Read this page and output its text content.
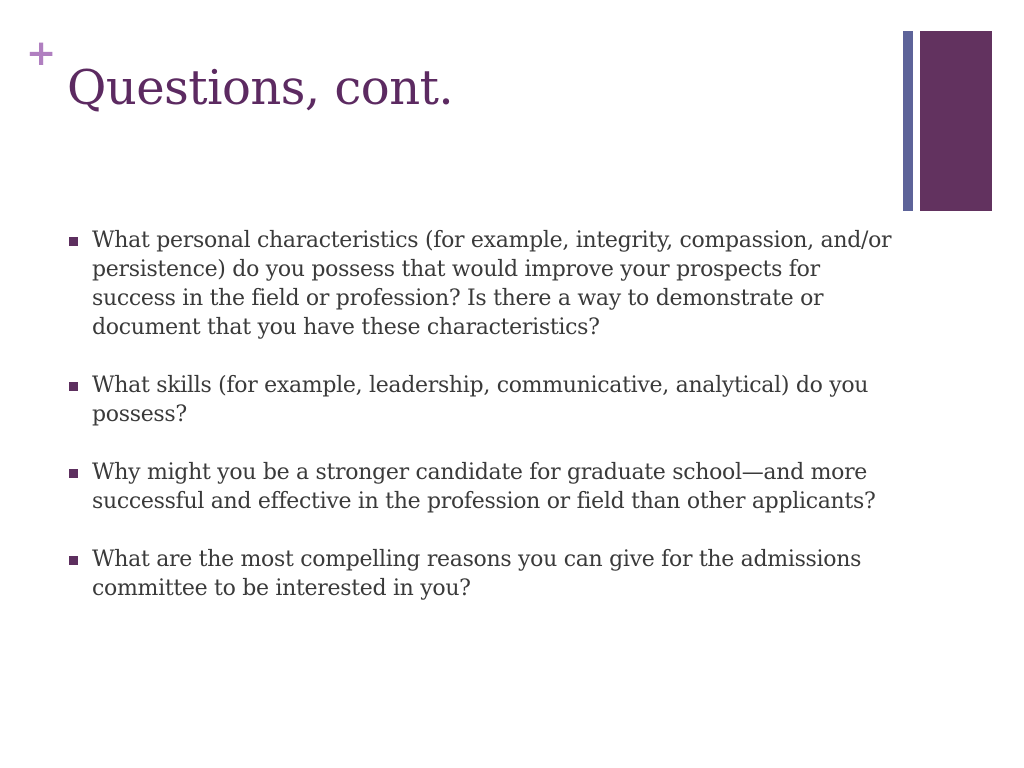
+
Questions, cont.
What personal characteristics (for example, integrity, compassion, and/or persistence) do you possess that would improve your prospects for success in the field or profession? Is there a way to demonstrate or document that you have these characteristics?
What skills (for example, leadership, communicative, analytical) do you possess?
Why might you be a stronger candidate for graduate school—and more successful and effective in the profession or field than other applicants?
What are the most compelling reasons you can give for the admissions committee to be interested in you?
